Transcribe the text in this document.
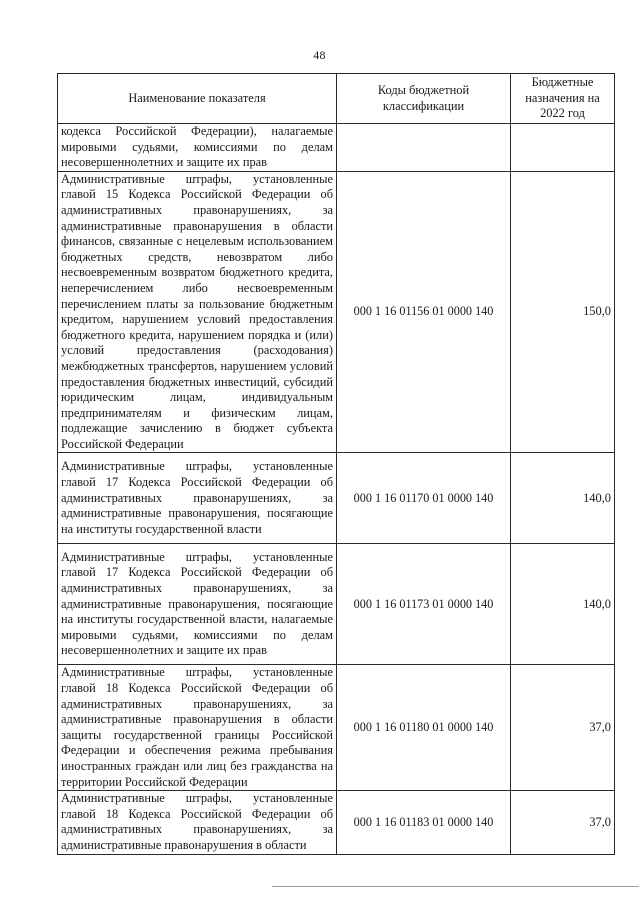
48
Наименование показателя	Коды бюджетной классификации	Бюджетные назначения на 2022 год
кодекса Российской Федерации), налагаемые мировыми судьями, комиссиями по делам несовершеннолетних и защите их прав		
Административные штрафы, установленные главой 15 Кодекса Российской Федерации об административных правонарушениях, за административные правонарушения в области финансов, связанные с нецелевым использованием бюджетных средств, невозвратом либо несвоевременным возвратом бюджетного кредита, неперечислением либо несвоевременным перечислением платы за пользование бюджетным кредитом, нарушением условий предоставления бюджетного кредита, нарушением порядка и (или) условий предоставления (расходования) межбюджетных трансфертов, нарушением условий предоставления бюджетных инвестиций, субсидий юридическим лицам, индивидуальным предпринимателям и физическим лицам, подлежащие зачислению в бюджет субъекта Российской Федерации	000 1 16 01156 01 0000 140	150,0
Административные штрафы, установленные главой 17 Кодекса Российской Федерации об административных правонарушениях, за административные правонарушения, посягающие на институты государственной власти	000 1 16 01170 01 0000 140	140,0
Административные штрафы, установленные главой 17 Кодекса Российской Федерации об административных правонарушениях, за административные правонарушения, посягающие на институты государственной власти, налагаемые мировыми судьями, комиссиями по делам несовершеннолетних и защите их прав	000 1 16 01173 01 0000 140	140,0
Административные штрафы, установленные главой 18 Кодекса Российской Федерации об административных правонарушениях, за административные правонарушения в области защиты государственной границы Российской Федерации и обеспечения режима пребывания иностранных граждан или лиц без гражданства на территории Российской Федерации	000 1 16 01180 01 0000 140	37,0
Административные штрафы, установленные главой 18 Кодекса Российской Федерации об административных правонарушениях, за административные правонарушения в области	000 1 16 01183 01 0000 140	37,0
